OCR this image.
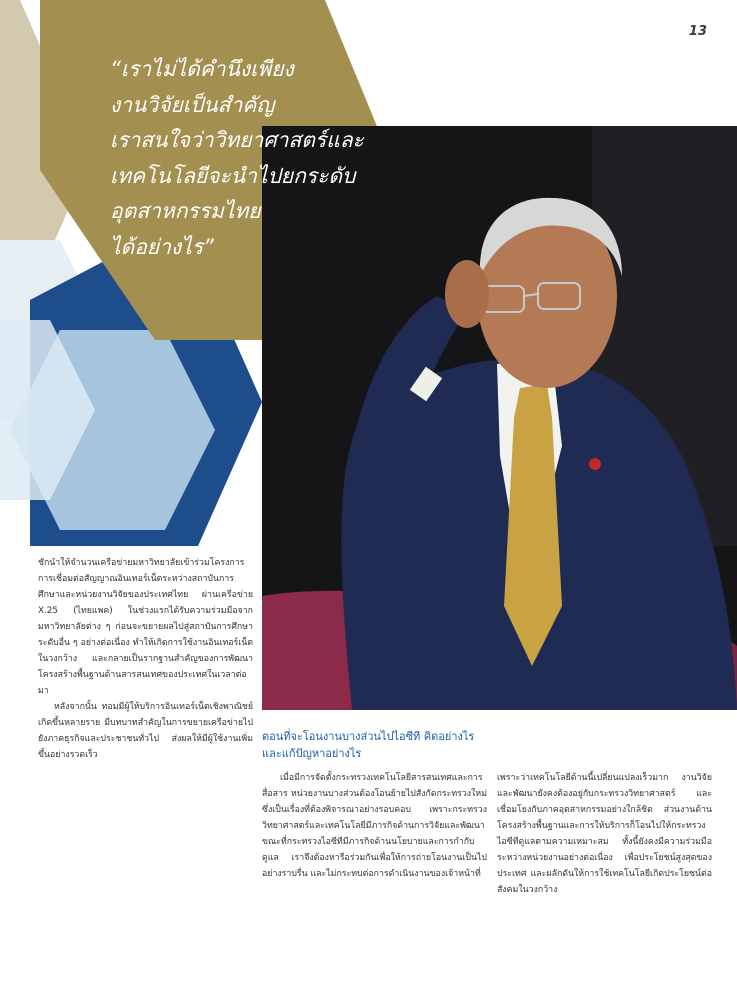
13
“เราไม่ได้คำนึงเพียง
งานวิจัยเป็นสำคัญ
เราสนใจว่าวิทยาศาสตร์และ
เทคโนโลยีจะนำไปยกระดับ
อุตสาหกรรมไทย
ได้อย่างไร”

ชักนำให้จำนวนเครือข่ายมหาวิทยาลัยเข้าร่วมโครงการ การเชื่อมต่อสัญญาณอินเทอร์เน็ตระหว่างสถาบันการศึกษาและหน่วยงานวิจัยของประเทศไทย ผ่านเครือข่าย X.25 (ไทยแพค) ในช่วงแรกได้รับความร่วมมือจากมหาวิทยาลัยต่าง ๆ ก่อนจะขยายผลไปสู่สถาบันการศึกษาระดับอื่น ๆ อย่างต่อเนื่อง ทำให้เกิดการใช้งานอินเทอร์เน็ตในวงกว้าง และกลายเป็นรากฐานสำคัญของการพัฒนาโครงสร้างพื้นฐานด้านสารสนเทศของประเทศในเวลาต่อมา

หลังจากนั้น ทอมมีผู้ให้บริการอินเทอร์เน็ตเชิงพาณิชย์เกิดขึ้นหลายราย มีบทบาทสำคัญในการขยายเครือข่ายไปยังภาคธุรกิจและประชาชนทั่วไป ส่งผลให้มีผู้ใช้งานเพิ่มขึ้นอย่างรวดเร็ว

ตอนที่จะโอนงานบางส่วนไปไอซีที คิดอย่างไรและแก้ปัญหาอย่างไร

เมื่อมีการจัดตั้งกระทรวงเทคโนโลยีสารสนเทศและการสื่อสาร หน่วยงานบางส่วนต้องโอนย้ายไปสังกัดกระทรวงใหม่ ซึ่งเป็นเรื่องที่ต้องพิจารณาอย่างรอบคอบ เพราะกระทรวงวิทยาศาสตร์และเทคโนโลยีมีภารกิจด้านการวิจัยและพัฒนา ขณะที่กระทรวงไอซีทีมีภารกิจด้านนโยบายและการกำกับดูแล เราจึงต้องหารือร่วมกันเพื่อให้การถ่ายโอนงานเป็นไปอย่างราบรื่น และไม่กระทบต่อการดำเนินงานของเจ้าหน้าที่

เพราะว่าเทคโนโลยีด้านนี้เปลี่ยนแปลงเร็วมาก งานวิจัยและพัฒนายังคงต้องอยู่กับกระทรวงวิทยาศาสตร์ และเชื่อมโยงกับภาคอุตสาหกรรมอย่างใกล้ชิด ส่วนงานด้านโครงสร้างพื้นฐานและการให้บริการก็โอนไปให้กระทรวงไอซีทีดูแลตามความเหมาะสม ทั้งนี้ยังคงมีความร่วมมือระหว่างหน่วยงานอย่างต่อเนื่อง เพื่อประโยชน์สูงสุดของประเทศ และผลักดันให้การใช้เทคโนโลยีเกิดประโยชน์ต่อสังคมในวงกว้าง
